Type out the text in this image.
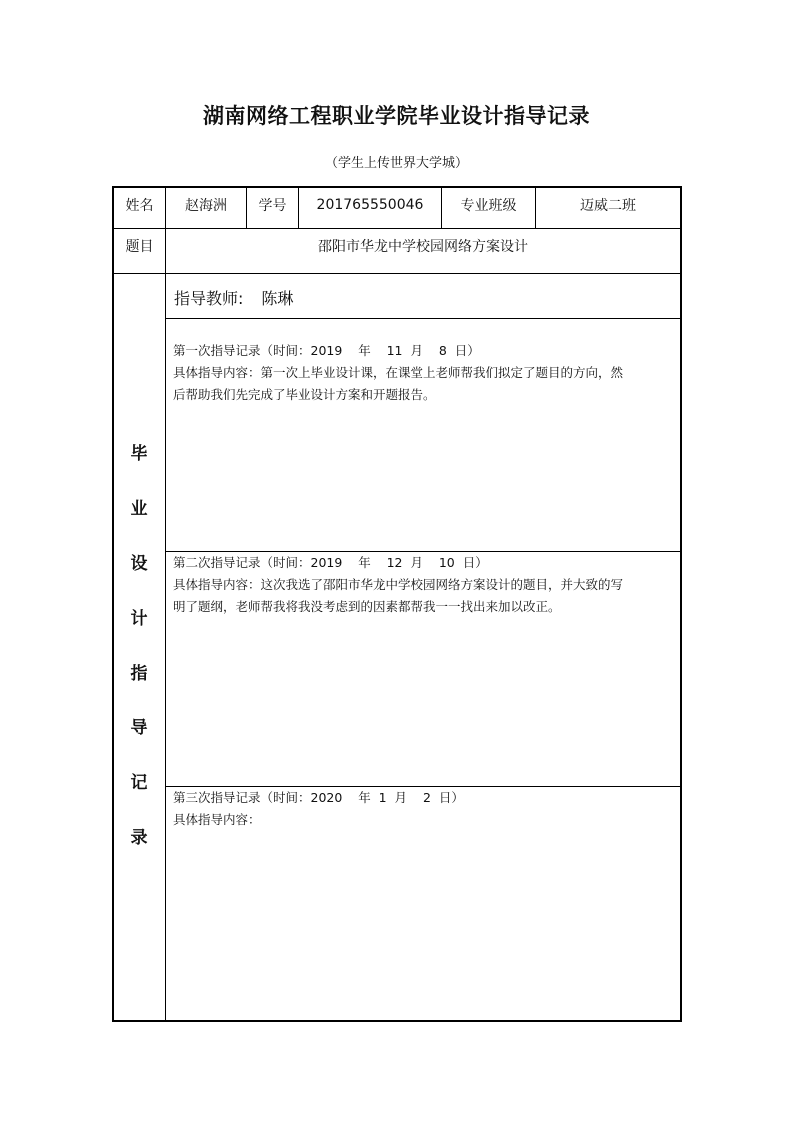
湖南网络工程职业学院毕业设计指导记录
（学生上传世界大学城）
姓名	赵海洲	学号	201765550046	专业班级	迈威二班
题目	邵阳市华龙中学校园网络方案设计
指导教师: 陈琳
毕
业
设
计
指
导
记
录
第一次指导记录（时间：2019    年    11  月    8  日）
具体指导内容：第一次上毕业设计课，在课堂上老师帮我们拟定了题目的方向，然
后帮助我们先完成了毕业设计方案和开题报告。
第二次指导记录（时间：2019    年    12  月    10  日）
具体指导内容：这次我选了邵阳市华龙中学校园网络方案设计的题目，并大致的写
明了题纲，老师帮我将我没考虑到的因素都帮我一一找出来加以改正。
第三次指导记录（时间：2020    年  1  月    2  日）
具体指导内容：
